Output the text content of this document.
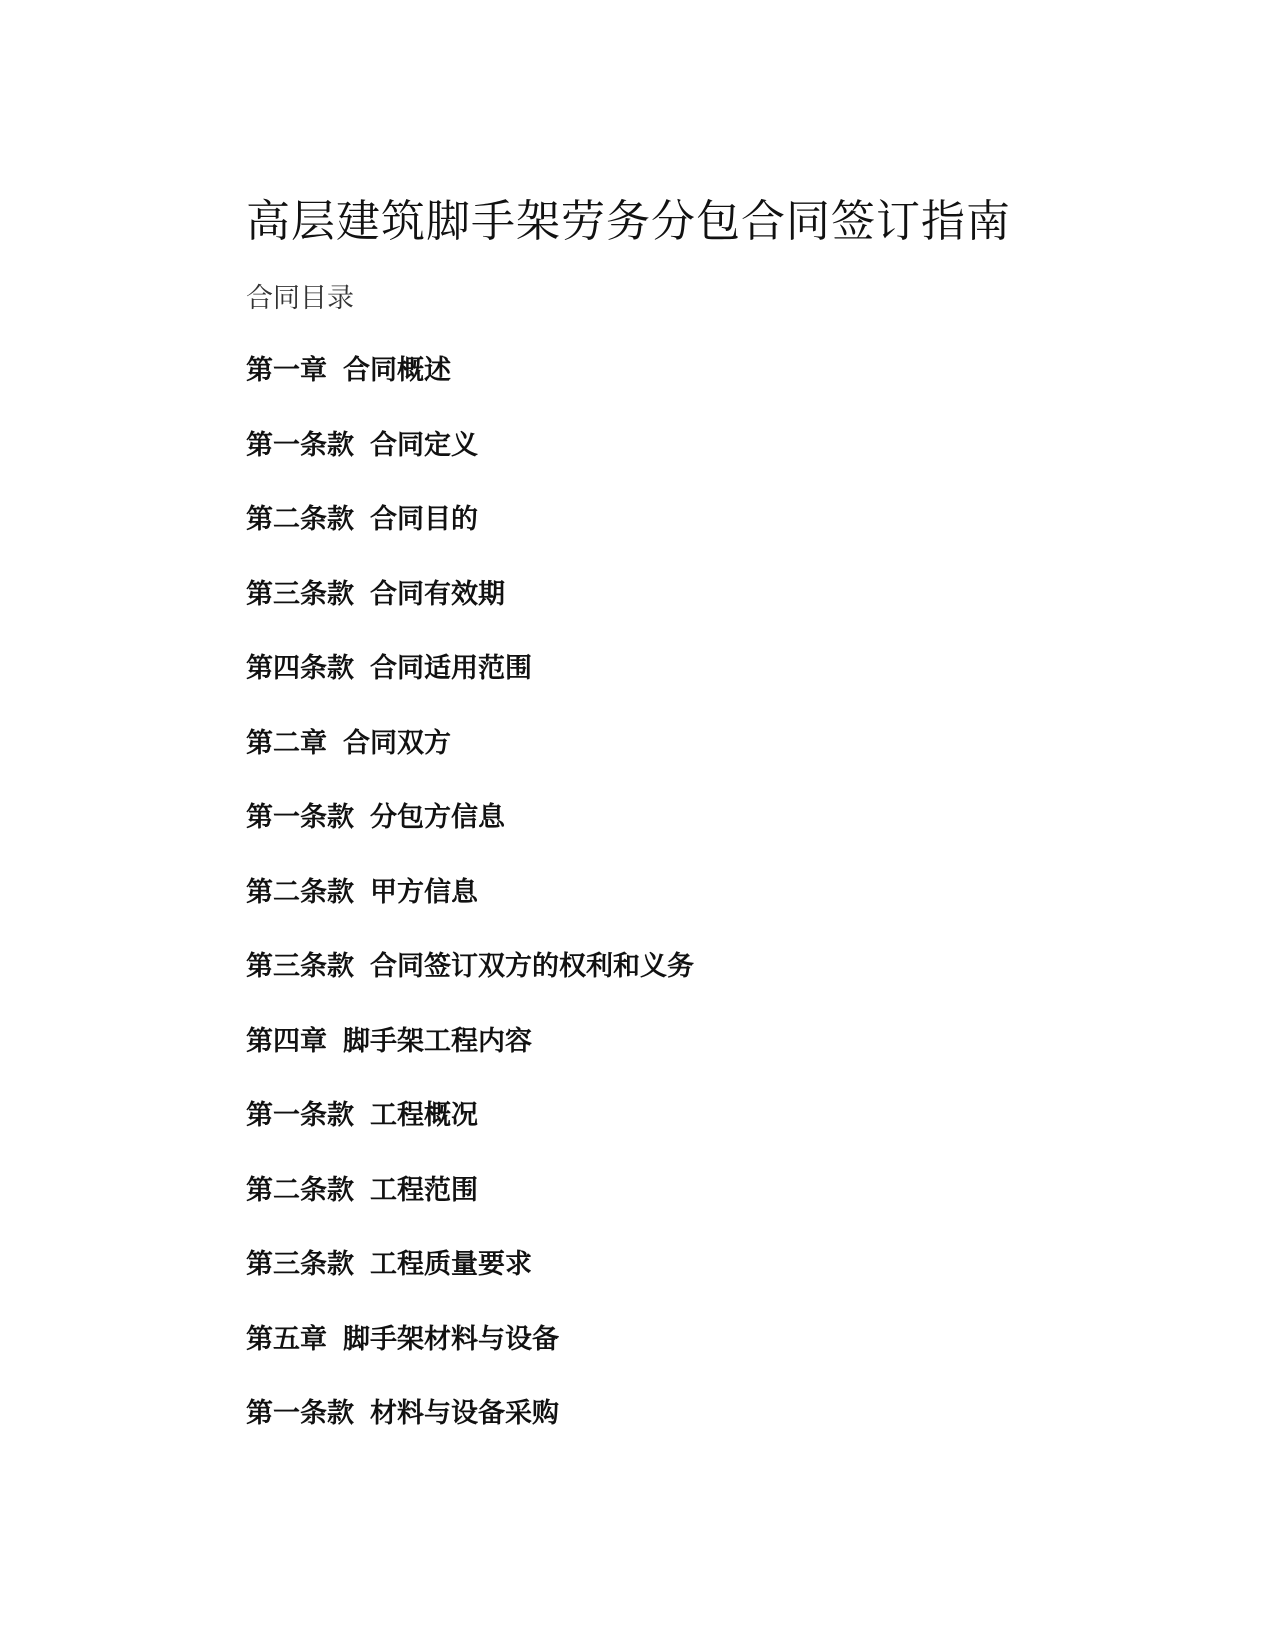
高层建筑脚手架劳务分包合同签订指南
合同目录
第一章 合同概述
第一条款 合同定义
第二条款 合同目的
第三条款 合同有效期
第四条款 合同适用范围
第二章 合同双方
第一条款 分包方信息
第二条款 甲方信息
第三条款 合同签订双方的权利和义务
第四章 脚手架工程内容
第一条款 工程概况
第二条款 工程范围
第三条款 工程质量要求
第五章 脚手架材料与设备
第一条款 材料与设备采购
